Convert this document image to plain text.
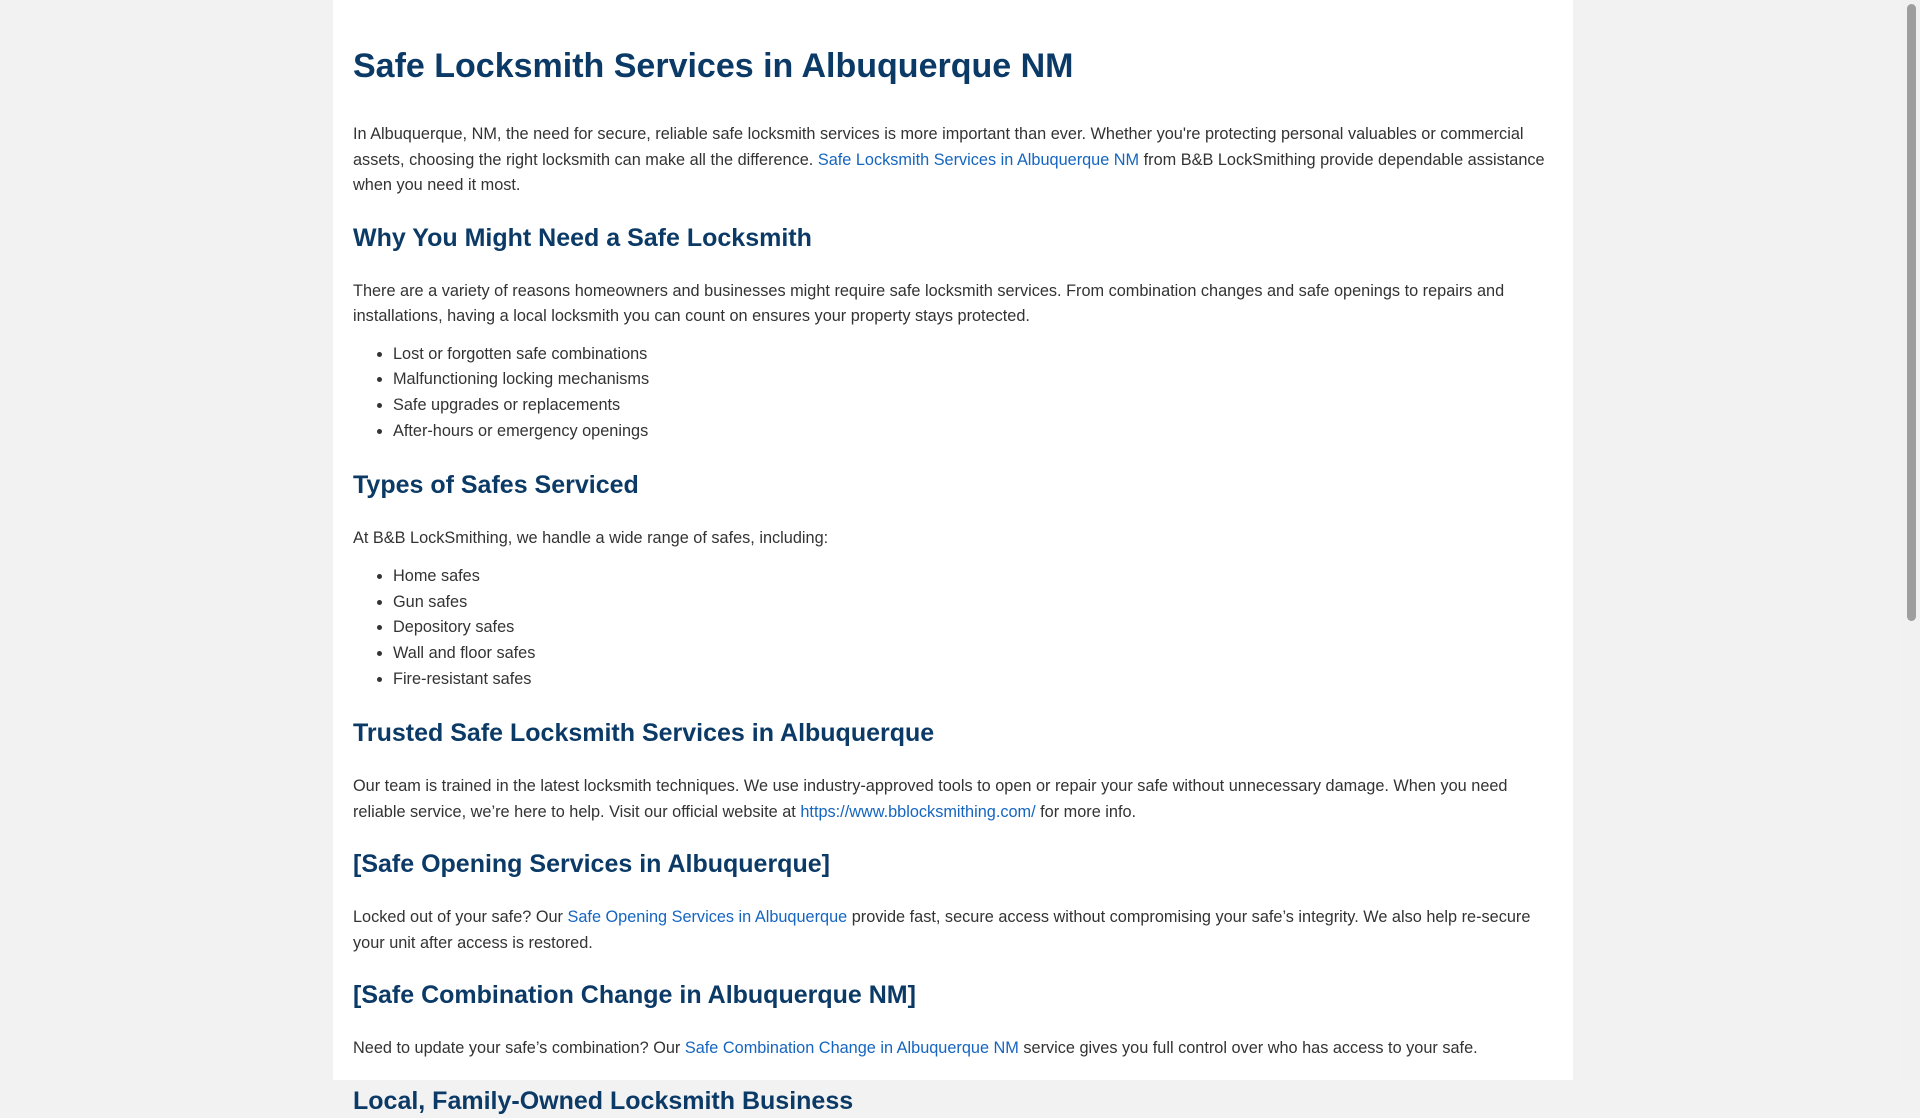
Safe Locksmith Services in Albuquerque NM

In Albuquerque, NM, the need for secure, reliable safe locksmith services is more important than ever. Whether you're protecting personal valuables or commercial assets, choosing the right locksmith can make all the difference. Safe Locksmith Services in Albuquerque NM from B&B LockSmithing provide dependable assistance when you need it most.

Why You Might Need a Safe Locksmith

There are a variety of reasons homeowners and businesses might require safe locksmith services. From combination changes and safe openings to repairs and installations, having a local locksmith you can count on ensures your property stays protected.

• Lost or forgotten safe combinations
• Malfunctioning locking mechanisms
• Safe upgrades or replacements
• After-hours or emergency openings
Types of Safes Serviced

At B&B LockSmithing, we handle a wide range of safes, including:

• Home safes
• Gun safes
• Depository safes
• Wall and floor safes
• Fire-resistant safes
Trusted Safe Locksmith Services in Albuquerque

Our team is trained in the latest locksmith techniques. We use industry-approved tools to open or repair your safe without unnecessary damage. When you need reliable service, we’re here to help. Visit our official website at https://www.bblocksmithing.com/ for more info.

[Safe Opening Services in Albuquerque]

Locked out of your safe? Our Safe Opening Services in Albuquerque provide fast, secure access without compromising your safe’s integrity. We also help re-secure your unit after access is restored.

[Safe Combination Change in Albuquerque NM]

Need to update your safe’s combination? Our Safe Combination Change in Albuquerque NM service gives you full control over who has access to your safe.

Local, Family-Owned Locksmith Business
